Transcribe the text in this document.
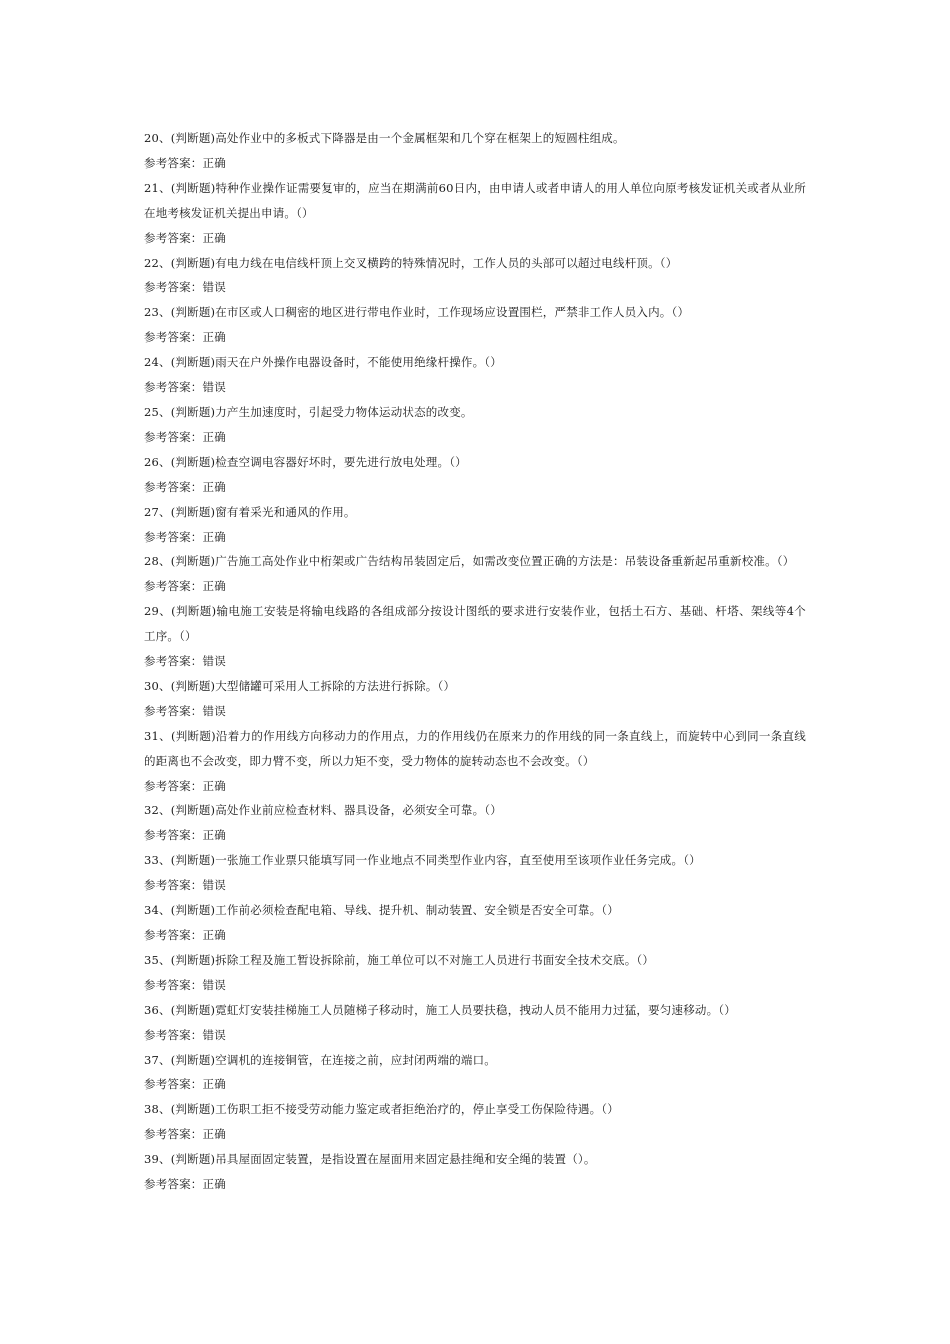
20、(判断题)高处作业中的多板式下降器是由一个金属框架和几个穿在框架上的短圆柱组成。

参考答案：正确

21、(判断题)特种作业操作证需要复审的，应当在期满前60日内，由申请人或者申请人的用人单位向原考核发证机关或者从业所在地考核发证机关提出申请。（）

参考答案：正确

22、(判断题)有电力线在电信线杆顶上交叉横跨的特殊情况时，工作人员的头部可以超过电线杆顶。（）

参考答案：错误

23、(判断题)在市区或人口稠密的地区进行带电作业时，工作现场应设置围栏，严禁非工作人员入内。（）

参考答案：正确

24、(判断题)雨天在户外操作电器设备时，不能使用绝缘杆操作。（）

参考答案：错误

25、(判断题)力产生加速度时，引起受力物体运动状态的改变。

参考答案：正确

26、(判断题)检查空调电容器好坏时，要先进行放电处理。（）

参考答案：正确

27、(判断题)窗有着采光和通风的作用。

参考答案：正确

28、(判断题)广告施工高处作业中桁架或广告结构吊装固定后，如需改变位置正确的方法是：吊装设备重新起吊重新校准。（）

参考答案：正确

29、(判断题)输电施工安装是将输电线路的各组成部分按设计图纸的要求进行安装作业，包括土石方、基础、杆塔、架线等4个工序。（）

参考答案：错误

30、(判断题)大型储罐可采用人工拆除的方法进行拆除。（）

参考答案：错误

31、(判断题)沿着力的作用线方向移动力的作用点，力的作用线仍在原来力的作用线的同一条直线上，而旋转中心到同一条直线的距离也不会改变，即力臂不变，所以力矩不变，受力物体的旋转动态也不会改变。（）

参考答案：正确

32、(判断题)高处作业前应检查材料、器具设备，必须安全可靠。（）

参考答案：正确

33、(判断题)一张施工作业票只能填写同一作业地点不同类型作业内容，直至使用至该项作业任务完成。（）

参考答案：错误

34、(判断题)工作前必须检查配电箱、导线、提升机、制动装置、安全锁是否安全可靠。（）

参考答案：正确

35、(判断题)拆除工程及施工暂设拆除前，施工单位可以不对施工人员进行书面安全技术交底。（）

参考答案：错误

36、(判断题)霓虹灯安装挂梯施工人员随梯子移动时，施工人员要扶稳，拽动人员不能用力过猛，要匀速移动。（）

参考答案：错误

37、(判断题)空调机的连接铜管，在连接之前，应封闭两端的端口。

参考答案：正确

38、(判断题)工伤职工拒不接受劳动能力鉴定或者拒绝治疗的，停止享受工伤保险待遇。（）

参考答案：正确

39、(判断题)吊具屋面固定装置，是指设置在屋面用来固定悬挂绳和安全绳的装置（）。

参考答案：正确
